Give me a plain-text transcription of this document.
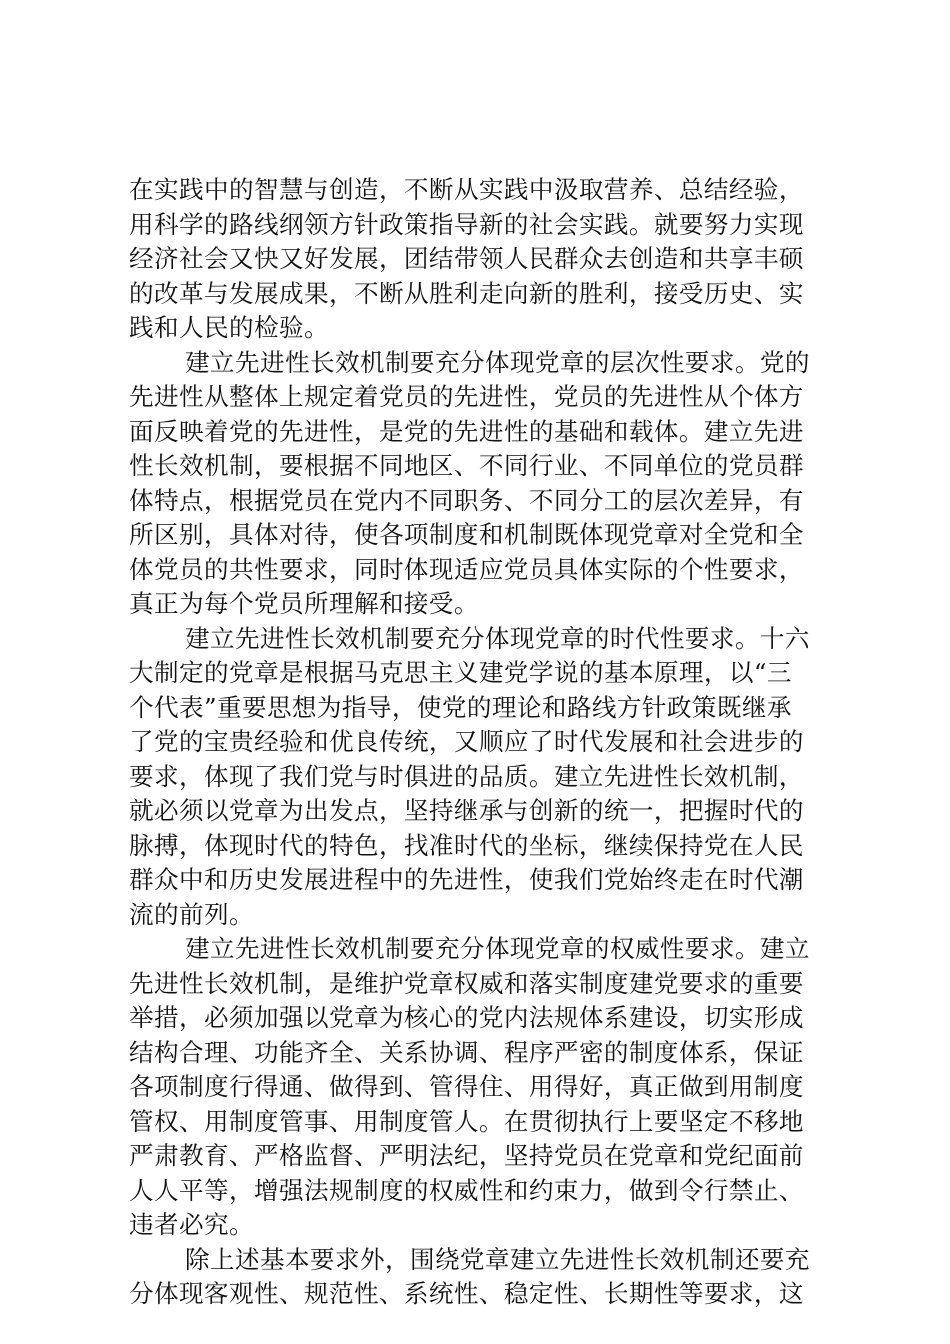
在实践中的智慧与创造，不断从实践中汲取营养、总结经验，
用科学的路线纲领方针政策指导新的社会实践。就要努力实现
经济社会又快又好发展，团结带领人民群众去创造和共享丰硕
的改革与发展成果，不断从胜利走向新的胜利，接受历史、实
践和人民的检验。
建立先进性长效机制要充分体现党章的层次性要求。党的
先进性从整体上规定着党员的先进性，党员的先进性从个体方
面反映着党的先进性，是党的先进性的基础和载体。建立先进
性长效机制，要根据不同地区、不同行业、不同单位的党员群
体特点，根据党员在党内不同职务、不同分工的层次差异，有
所区别，具体对待，使各项制度和机制既体现党章对全党和全
体党员的共性要求，同时体现适应党员具体实际的个性要求，
真正为每个党员所理解和接受。
建立先进性长效机制要充分体现党章的时代性要求。十六
大制定的党章是根据马克思主义建党学说的基本原理，以“三
个代表”重要思想为指导，使党的理论和路线方针政策既继承
了党的宝贵经验和优良传统，又顺应了时代发展和社会进步的
要求，体现了我们党与时俱进的品质。建立先进性长效机制，
就必须以党章为出发点，坚持继承与创新的统一，把握时代的
脉搏，体现时代的特色，找准时代的坐标，继续保持党在人民
群众中和历史发展进程中的先进性，使我们党始终走在时代潮
流的前列。
建立先进性长效机制要充分体现党章的权威性要求。建立
先进性长效机制，是维护党章权威和落实制度建党要求的重要
举措，必须加强以党章为核心的党内法规体系建设，切实形成
结构合理、功能齐全、关系协调、程序严密的制度体系，保证
各项制度行得通、做得到、管得住、用得好，真正做到用制度
管权、用制度管事、用制度管人。在贯彻执行上要坚定不移地
严肃教育、严格监督、严明法纪，坚持党员在党章和党纪面前
人人平等，增强法规制度的权威性和约束力，做到令行禁止、
违者必究。
除上述基本要求外，围绕党章建立先进性长效机制还要充
分体现客观性、规范性、系统性、稳定性、长期性等要求，这
